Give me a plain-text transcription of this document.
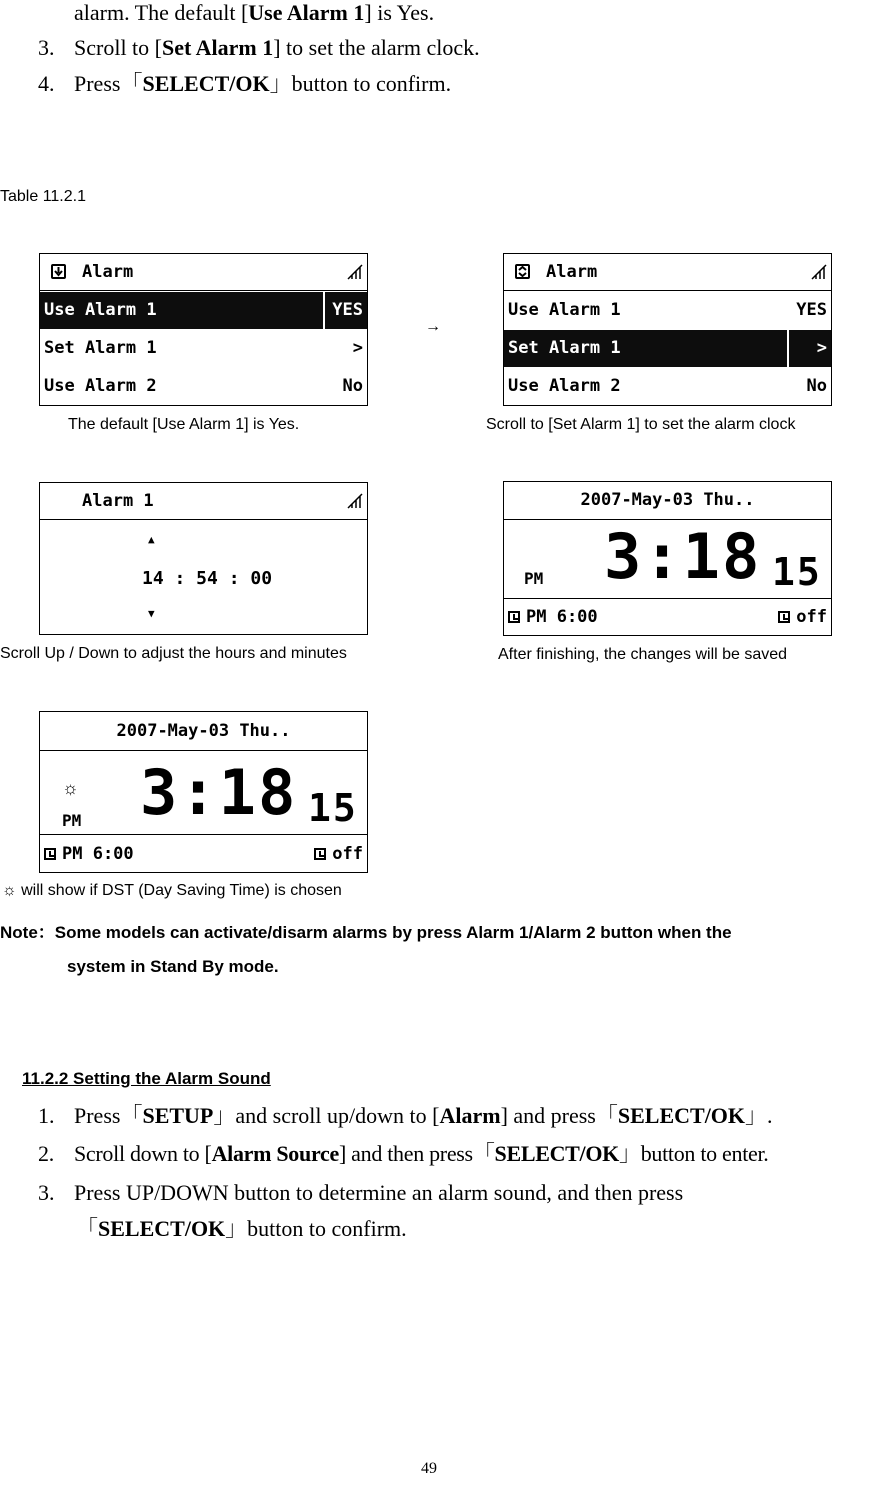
alarm. The default [Use Alarm 1] is Yes.
3. Scroll to [Set Alarm 1] to set the alarm clock.
4. Press「SELECT/OK」button to confirm.
Table 11.2.1
Alarm
Use Alarm 1	YES
Set Alarm 1	>
Use Alarm 2	No
The default [Use Alarm 1] is Yes.
→
Alarm
Use Alarm 1	YES
Set Alarm 1	>
Use Alarm 2	No
Scroll to [Set Alarm 1] to set the alarm clock
Alarm 1
▲
14 : 54 : 00
▼
Scroll Up / Down to adjust the hours and minutes
2007-May-03 Thu..
PM 3:18 15
PM 6:00	off
After finishing, the changes will be saved
2007-May-03 Thu..
☼
PM 3:18 15
PM 6:00	off
☼ will show if DST (Day Saving Time) is chosen
Note：Some models can activate/disarm alarms by press Alarm 1/Alarm 2 button when the
system in Stand By mode.
11.2.2 Setting the Alarm Sound
1. Press「SETUP」and scroll up/down to [Alarm] and press「SELECT/OK」.
2. Scroll down to [Alarm Source] and then press「SELECT/OK」button to enter.
3. Press UP/DOWN button to determine an alarm sound, and then press
「SELECT/OK」button to confirm.
49
